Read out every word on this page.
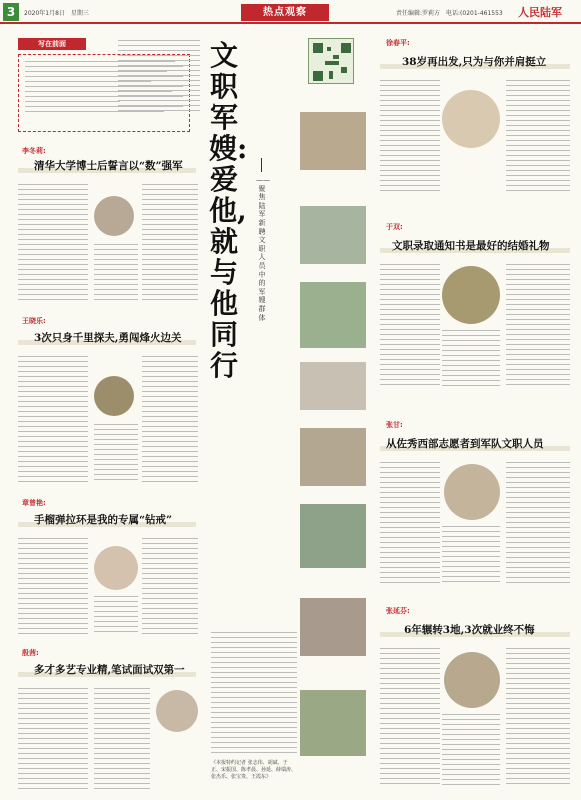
3	2020年1月8日　星期三	热点观察	责任编辑:罗莉方　电话:(0201-461553 人民陆军
写在前面
李冬莉:
清华大学博士后誓言以“数”强军
王晓乐:
3次只身千里探夫,勇闯烽火边关
章曾艳:
手榴弹拉环是我的专属“钻戒”
殷茜:
多才多艺专业精,笔试面试双第一
文职军嫂:爱他,就与他同行
——聚焦陆军新聘文职人员中的军嫂群体
《本报特约记者 张志伟、胡斌、于正、宋振国、陈孝晨、孙延、薛瑞涛、张杰乐、张宝贵、王霞东》
徐春平:
38岁再出发,只为与你并肩挺立
于双:
文职录取通知书是最好的结婚礼物
张甘:
从佐秀西部志愿者到军队文职人员
张延芬:
6年辗转3地,3次就业终不悔
